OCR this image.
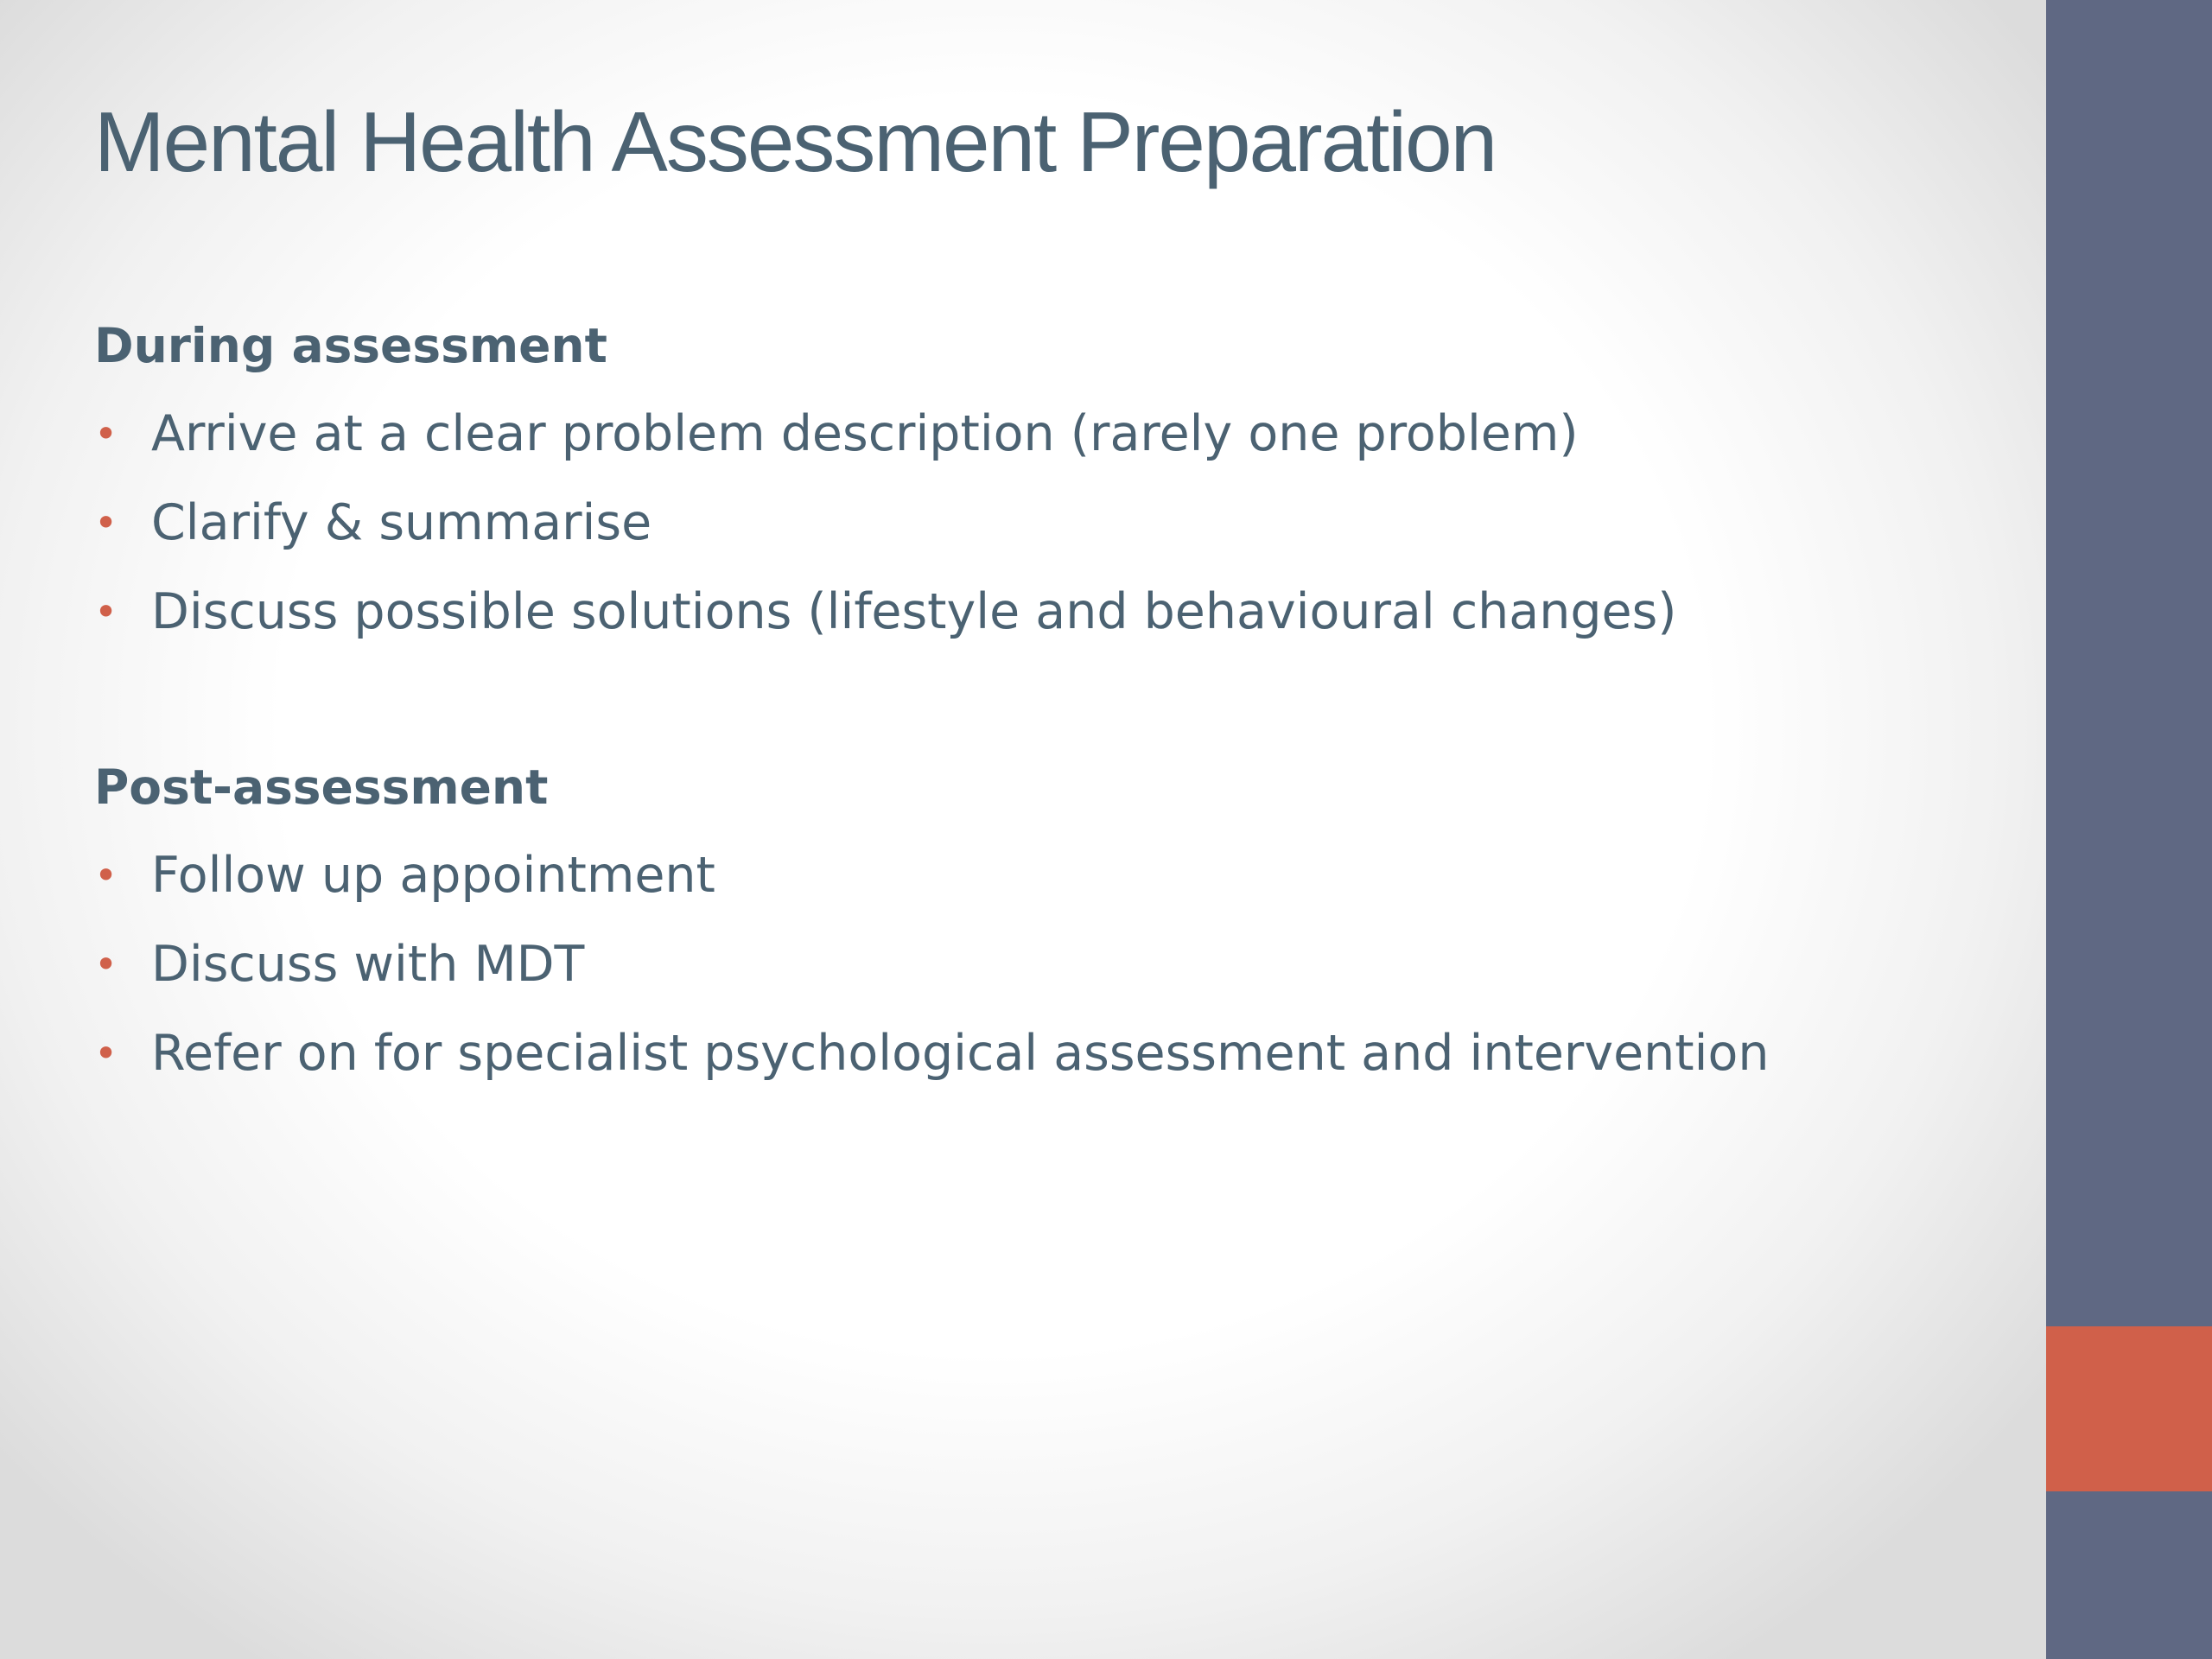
Mental Health Assessment Preparation
During assessment
• Arrive at a clear problem description (rarely one problem)
• Clarify & summarise
• Discuss possible solutions (lifestyle and behavioural changes)
Post-assessment
• Follow up appointment
• Discuss with MDT
• Refer on for specialist psychological assessment and intervention
